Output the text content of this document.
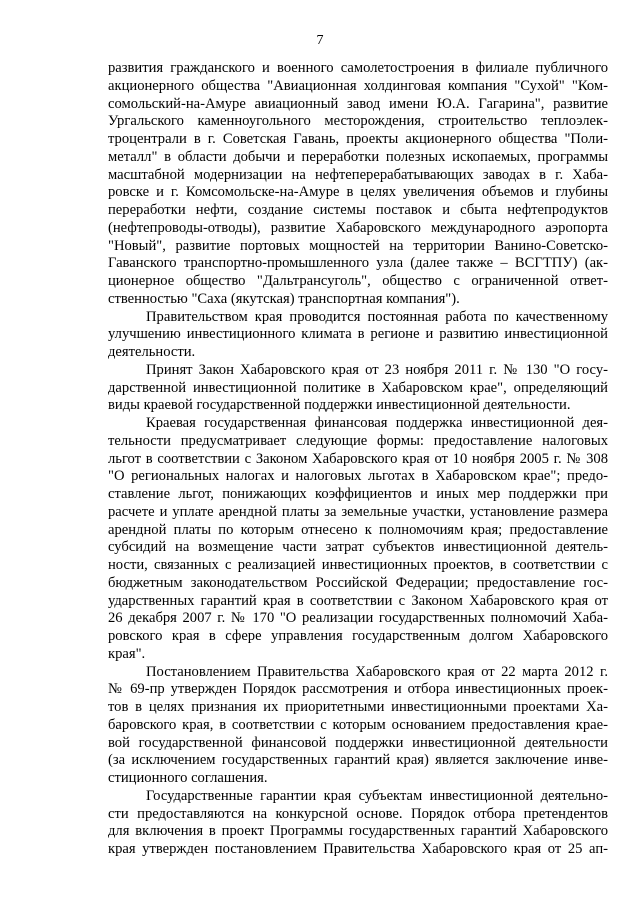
7
развития гражданского и военного самолетостроения в филиале публичного
акционерного общества "Авиационная холдинговая компания "Сухой" "Ком-
сомольский-на-Амуре авиационный завод имени Ю.А. Гагарина", развитие
Ургальского каменноугольного месторождения, строительство теплоэлек-
троцентрали в г. Советская Гавань, проекты акционерного общества "Поли-
металл" в области добычи и переработки полезных ископаемых, программы
масштабной модернизации на нефтеперерабатывающих заводах в г. Хаба-
ровске и г. Комсомольске-на-Амуре в целях увеличения объемов и глубины
переработки нефти, создание системы поставок и сбыта нефтепродуктов
(нефтепроводы-отводы), развитие Хабаровского международного аэропорта
"Новый", развитие портовых мощностей на территории Ванино-Советско-
Гаванского транспортно-промышленного узла (далее также – ВСГТПУ) (ак-
ционерное общество "Дальтрансуголь", общество с ограниченной ответ-
ственностью "Саха (якутская) транспортная компания").
Правительством края проводится постоянная работа по качественному
улучшению инвестиционного климата в регионе и развитию инвестиционной
деятельности.
Принят Закон Хабаровского края от 23 ноября 2011 г. № 130 "О госу-
дарственной инвестиционной политике в Хабаровском крае", определяющий
виды краевой государственной поддержки инвестиционной деятельности.
Краевая государственная финансовая поддержка инвестиционной дея-
тельности предусматривает следующие формы: предоставление налоговых
льгот в соответствии с Законом Хабаровского края от 10 ноября 2005 г. № 308
"О региональных налогах и налоговых льготах в Хабаровском крае"; предо-
ставление льгот, понижающих коэффициентов и иных мер поддержки при
расчете и уплате арендной платы за земельные участки, установление размера
арендной платы по которым отнесено к полномочиям края; предоставление
субсидий на возмещение части затрат субъектов инвестиционной деятель-
ности, связанных с реализацией инвестиционных проектов, в соответствии с
бюджетным законодательством Российской Федерации; предоставление гос-
ударственных гарантий края в соответствии с Законом Хабаровского края от
26 декабря 2007 г. № 170 "О реализации государственных полномочий Хаба-
ровского края в сфере управления государственным долгом Хабаровского
края".
Постановлением Правительства Хабаровского края от 22 марта 2012 г.
№ 69-пр утвержден Порядок рассмотрения и отбора инвестиционных проек-
тов в целях признания их приоритетными инвестиционными проектами Ха-
баровского края, в соответствии с которым основанием предоставления крае-
вой государственной финансовой поддержки инвестиционной деятельности
(за исключением государственных гарантий края) является заключение инве-
стиционного соглашения.
Государственные гарантии края субъектам инвестиционной деятельно-
сти предоставляются на конкурсной основе. Порядок отбора претендентов
для включения в проект Программы государственных гарантий Хабаровского
края утвержден постановлением Правительства Хабаровского края от 25 ап-
